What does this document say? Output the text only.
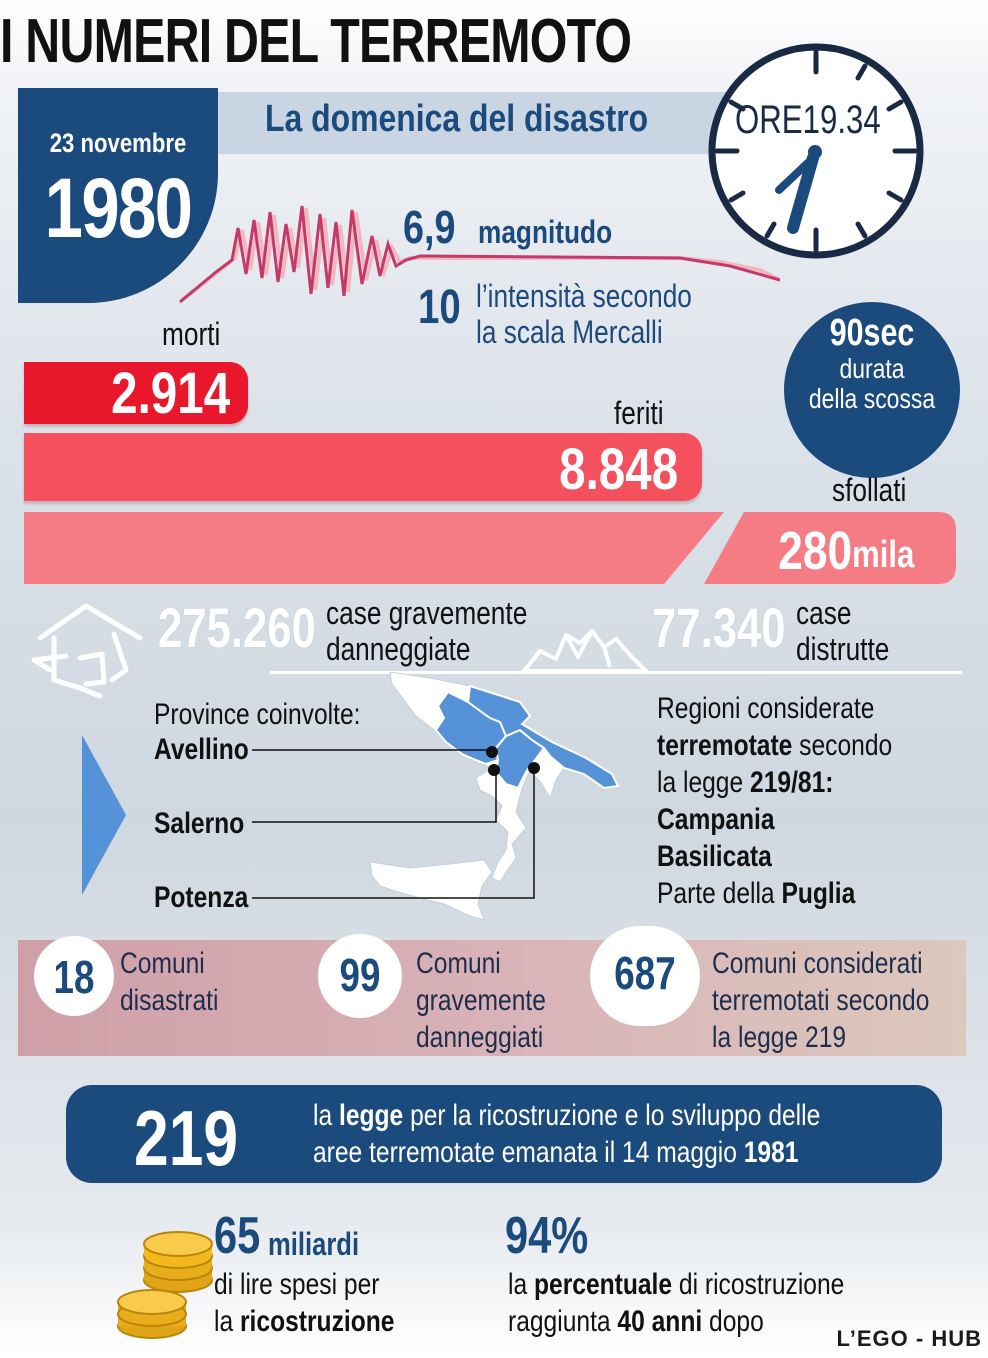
I NUMERI DEL TERREMOTO
23 novembre
1980
La domenica del disastro ORE19.34
6,9 magnitudo
10 l’intensità secondo
la scala Mercalli	90sec
durata
della scossa
morti
2.914	feriti
8.848	sfollati
280 mila
275.260 case gravemente
danneggiate	77.340 case
distrutte
Province coinvolte:
Avellino
Salerno
Potenza
Regioni considerate
terremotate secondo
la legge 219/81:
Campania
Basilicata
Parte della Puglia
18 Comuni
disastrati	99	Comuni
gravemente
danneggiati
687	Comuni considerati
terremotati secondo
la legge 219
219 la legge per la ricostruzione e lo sviluppo delle
aree terremotate emanata il 14 maggio 1981
65 miliardi
di lire spesi per
la ricostruzione
94%
la percentuale di ricostruzione
raggiunta 40 anni dopo
L’EGO - HUB
